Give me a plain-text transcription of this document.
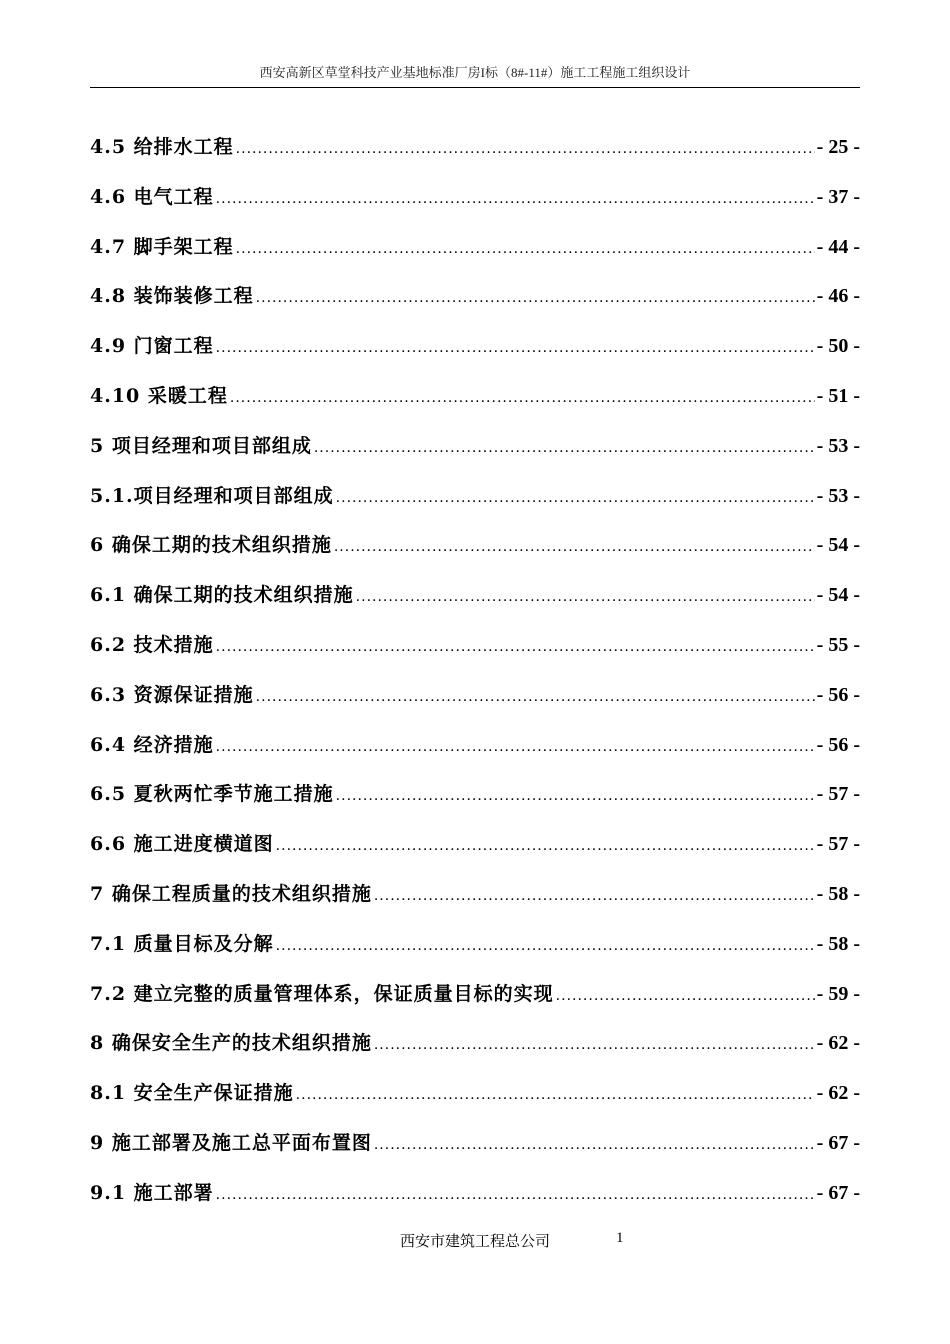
西安高新区草堂科技产业基地标准厂房I标（8#-11#）施工工程施工组织设计
4.5 给排水工程 .....	- 25 -
4.6 电气工程 .....	- 37 -
4.7 脚手架工程 .....	- 44 -
4.8 装饰装修工程 .....	- 46 -
4.9 门窗工程 .....	- 50 -
4.10 采暖工程 .....	- 51 -
5 项目经理和项目部组成 .....	- 53 -
5.1.项目经理和项目部组成 .....	- 53 -
6 确保工期的技术组织措施 .....	- 54 -
6.1 确保工期的技术组织措施 .....	- 54 -
6.2 技术措施 .....	- 55 -
6.3 资源保证措施 .....	- 56 -
6.4 经济措施 .....	- 56 -
6.5 夏秋两忙季节施工措施 .....	- 57 -
6.6 施工进度横道图 .....	- 57 -
7 确保工程质量的技术组织措施 .....	- 58 -
7.1 质量目标及分解 .....	- 58 -
7.2 建立完整的质量管理体系，保证质量目标的实现 .....	- 59 -
8 确保安全生产的技术组织措施 .....	- 62 -
8.1 安全生产保证措施 .....	- 62 -
9 施工部署及施工总平面布置图 .....	- 67 -
9.1 施工部署 .....	- 67 -
西安市建筑工程总公司	1
